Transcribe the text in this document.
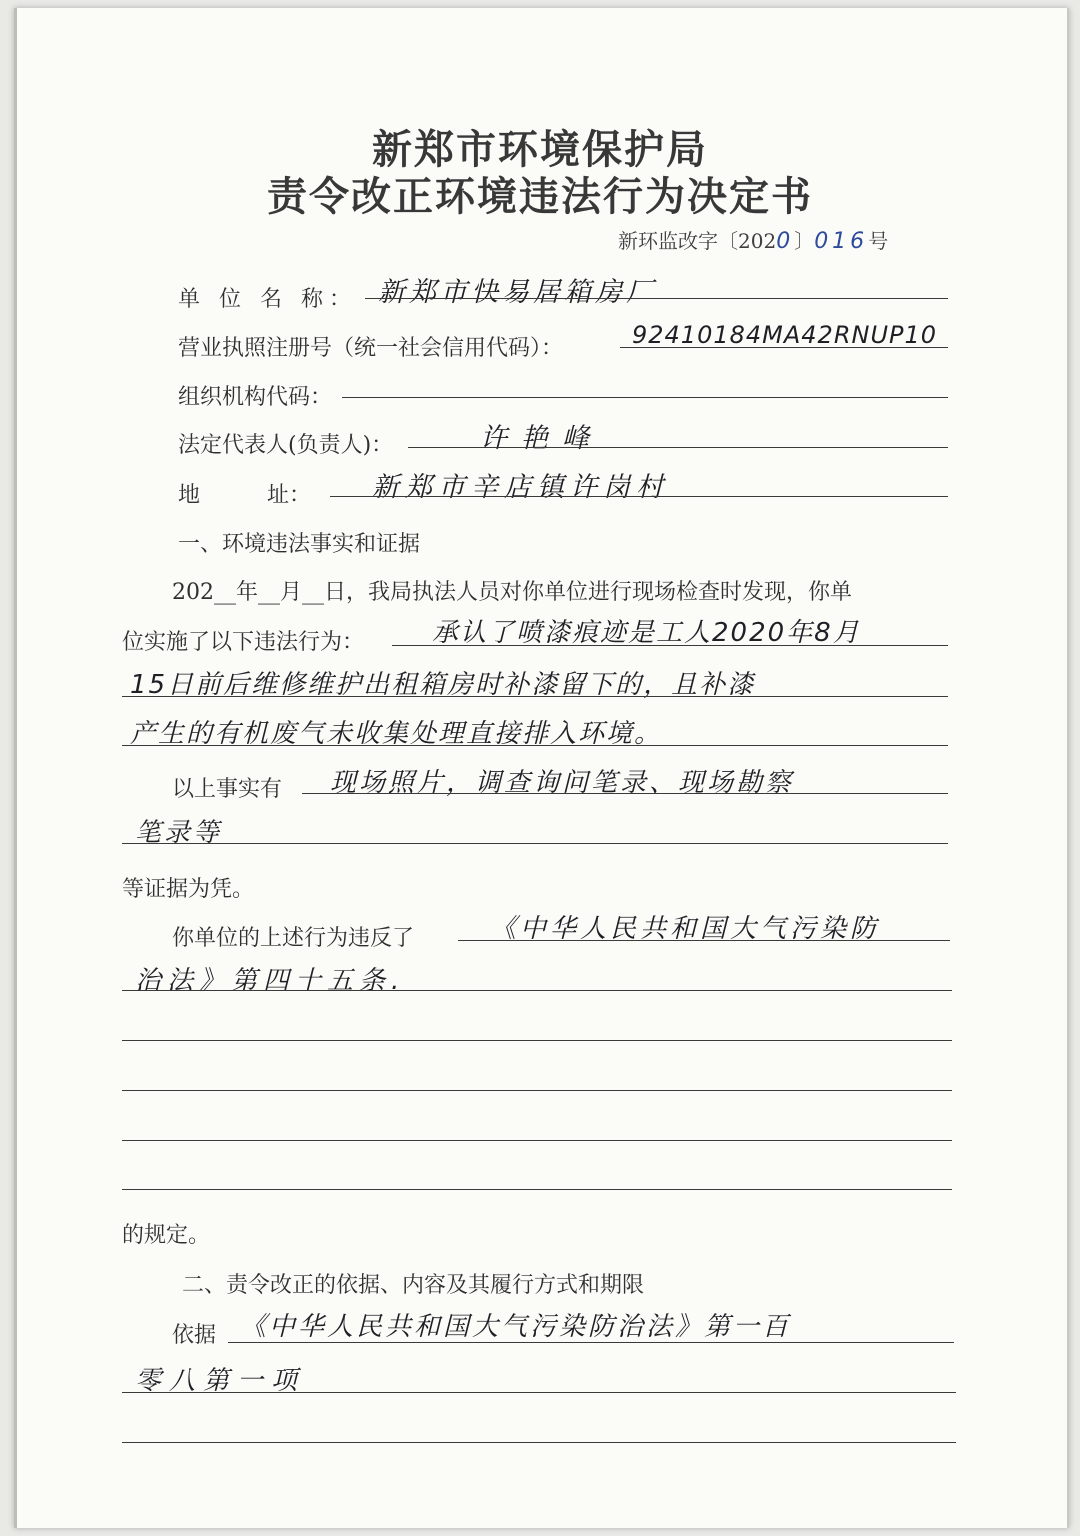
新郑市环境保护局
责令改正环境违法行为决定书
新环监改字〔2020〕016号
单 位 名 称： 新郑市快易居箱房厂
营业执照注册号（统一社会信用代码）：	92410184MA42RNUP10
组织机构代码：
法定代表人(负责人)：	许艳峰
地 址： 新郑市辛店镇许岗村
一、环境违法事实和证据
202__年__月__日，我局执法人员对你单位进行现场检查时发现，你单
位实施了以下违法行为：	承认了喷漆痕迹是工人2020年8月
15日前后维修维护出租箱房时补漆留下的，且补漆
产生的有机废气未收集处理直接排入环境。
以上事实有 现场照片，调查询问笔录、现场勘察
笔录等
等证据为凭。
你单位的上述行为违反了	《中华人民共和国大气污染防
治法》第四十五条.
的规定。
二、责令改正的依据、内容及其履行方式和期限
依据 《中华人民共和国大气污染防治法》第一百
零八第一项
